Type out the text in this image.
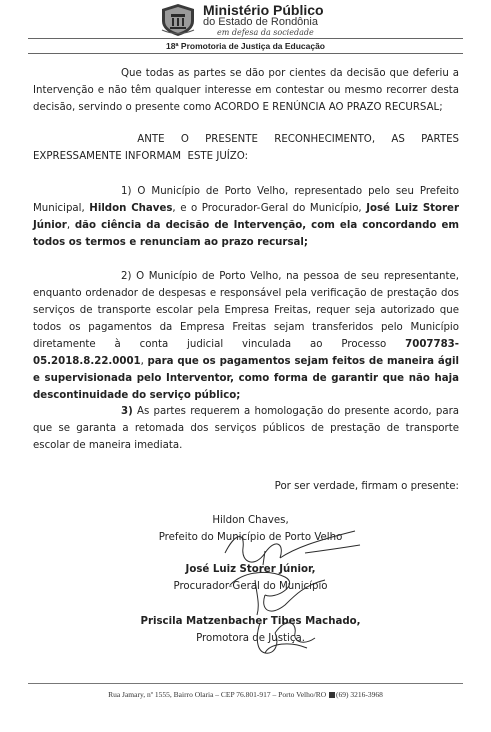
Ministério Público
do Estado de Rondônia
em defesa da sociedade
18ª Promotoria de Justiça da Educação

Que todas as partes se dão por cientes da decisão que deferiu a Intervenção e não têm qualquer interesse em contestar ou mesmo recorrer desta decisão, servindo o presente como ACORDO E RENÚNCIA AO PRAZO RECURSAL;

ANTE O PRESENTE RECONHECIMENTO, AS PARTES
EXPRESSAMENTE INFORMAM  ESTE JUÍZO:

1) O Município de Porto Velho, representado pelo seu Prefeito Municipal, Hildon Chaves, e o Procurador-Geral do Município, José Luiz Storer Júnior, dão ciência da decisão de Intervenção, com ela concordando em todos os termos e renunciam ao prazo recursal;

2) O Município de Porto Velho, na pessoa de seu representante, enquanto ordenador de despesas e responsável pela verificação de prestação dos serviços de transporte escolar pela Empresa Freitas, requer seja autorizado que todos os pagamentos da Empresa Freitas sejam transferidos pelo Município diretamente à conta judicial vinculada ao Processo 7007783-05.2018.8.22.0001, para que os pagamentos sejam feitos de maneira ágil e supervisionada pelo Interventor, como forma de garantir que não haja descontinuidade do serviço público;

3) As partes requerem a homologação do presente acordo, para que se garanta a retomada dos serviços públicos de prestação de transporte escolar de maneira imediata.

Por ser verdade, firmam o presente:

Hildon Chaves,
Prefeito do Município de Porto Velho
José Luiz Storer Júnior,
Procurador-Geral do Município
Priscila Matzenbacher Tibes Machado,
Promotora de Justiça.
Rua Jamary, nº 1555, Bairro Olaria – CEP 76.801-917 – Porto Velho/RO (69) 3216-3968
